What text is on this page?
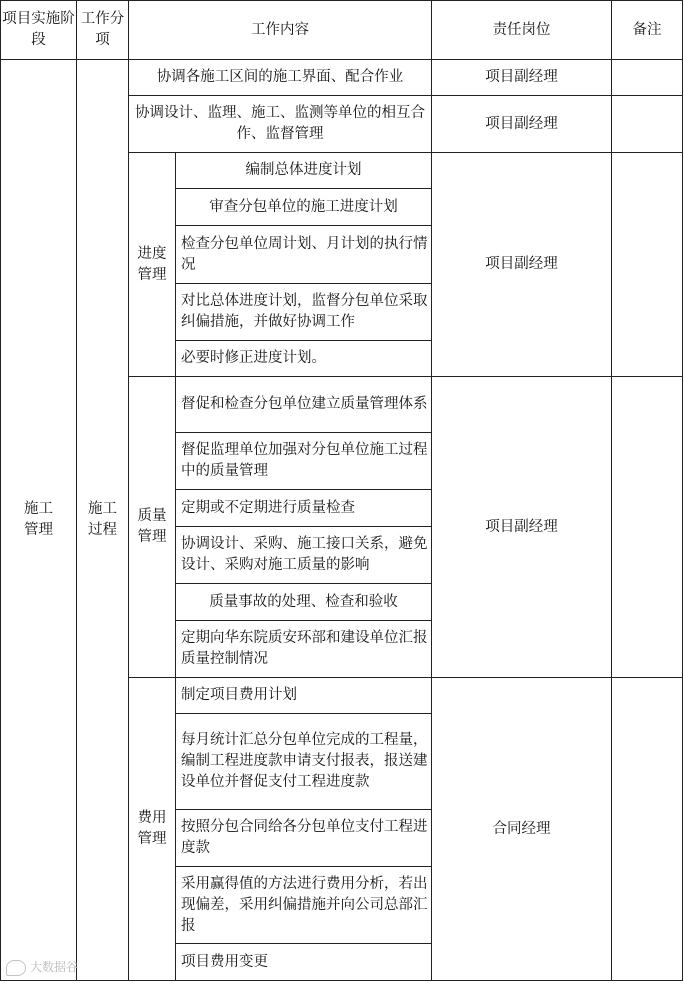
项目实施阶段	工作分项	工作内容		责任岗位	备注
施工管理	施工过程	协调各施工区间的施工界面、配合作业		项目副经理	
		协调设计、监理、施工、监测等单位的相互合作、监督管理		项目副经理	
		进度管理	编制总体进度计划	项目副经理	
			审查分包单位的施工进度计划		
			检查分包单位周计划、月计划的执行情况		
			对比总体进度计划，监督分包单位采取纠偏措施，并做好协调工作		
			必要时修正进度计划。		
		质量管理	督促和检查分包单位建立质量管理体系	项目副经理	
			督促监理单位加强对分包单位施工过程中的质量管理		
			定期或不定期进行质量检查		
			协调设计、采购、施工接口关系，避免设计、采购对施工质量的影响		
			质量事故的处理、检查和验收		
			定期向华东院质安环部和建设单位汇报质量控制情况		
		费用管理	制定项目费用计划	合同经理	
			每月统计汇总分包单位完成的工程量，编制工程进度款申请支付报表，报送建设单位并督促支付工程进度款		
			按照分包合同给各分包单位支付工程进度款		
			采用赢得值的方法进行费用分析，若出现偏差，采用纠偏措施并向公司总部汇报		
			项目费用变更		
大数据谷
